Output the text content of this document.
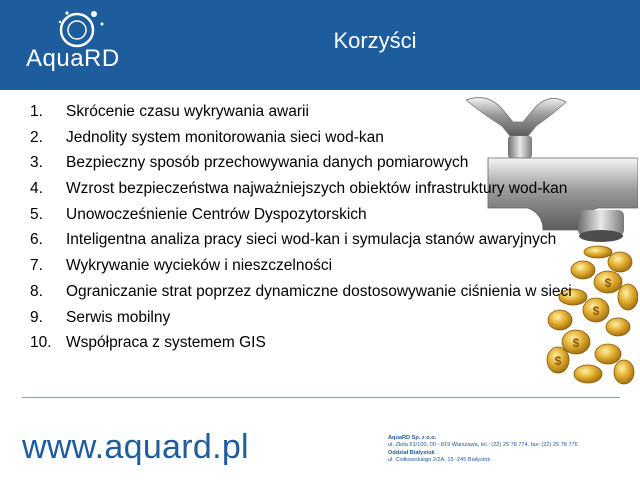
AquaRD
Korzyści
$
$
$
$
1.	Skrócenie czasu wykrywania awarii
2.	Jednolity system monitorowania sieci wod-kan
3.	Bezpieczny sposób przechowywania danych pomiarowych
4.	Wzrost bezpieczeństwa najważniejszych obiektów infrastruktury wod-kan
5.	Unowocześnienie Centrów Dyspozytorskich
6.	Inteligentna analiza pracy sieci wod-kan i symulacja stanów awaryjnych
7.	Wykrywanie wycieków i nieszczelności
8.	Ograniczanie strat poprzez dynamiczne dostosowywanie ciśnienia w sieci
9.	Serwis mobilny
10. Współpraca z systemem GIS
www.aquard.pl	AquaRD Sp. z o.o.
ul. Złota 61/100, 00 - 819 Warszawa, tel.: (22) 25 78 774, fax: (22) 25 78 776
Oddział Białystok
ul. Ciołkowskiego 2/2A, 15 -245 Białystok
